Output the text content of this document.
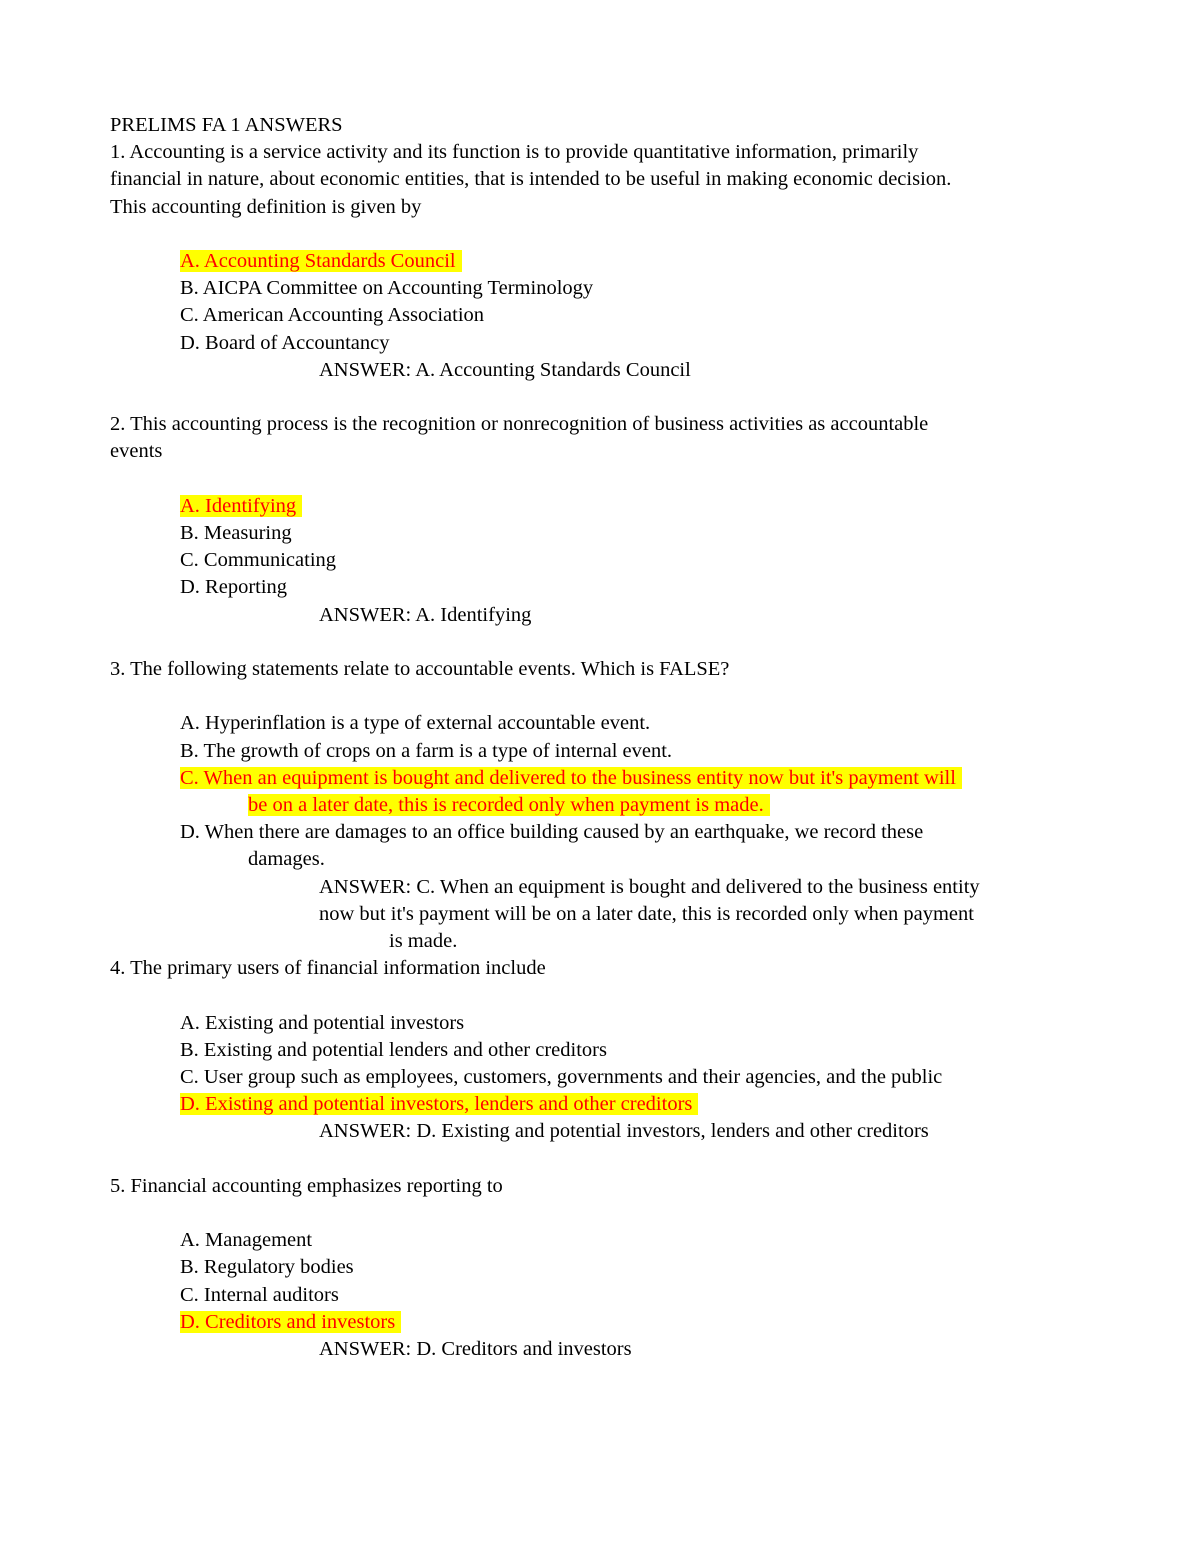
PRELIMS FA 1 ANSWERS
1. Accounting is a service activity and its function is to provide quantitative information, primarily
financial in nature, about economic entities, that is intended to be useful in making economic decision.
This accounting definition is given by
A. Accounting Standards Council
B. AICPA Committee on Accounting Terminology
C. American Accounting Association
D. Board of Accountancy
ANSWER: A. Accounting Standards Council
2. This accounting process is the recognition or nonrecognition of business activities as accountable
events
A. Identifying
B. Measuring
C. Communicating
D. Reporting
ANSWER: A. Identifying
3. The following statements relate to accountable events. Which is FALSE?
A. Hyperinflation is a type of external accountable event.
B. The growth of crops on a farm is a type of internal event.
C. When an equipment is bought and delivered to the business entity now but it's payment will
be on a later date, this is recorded only when payment is made.
D. When there are damages to an office building caused by an earthquake, we record these
damages.
ANSWER: C. When an equipment is bought and delivered to the business entity
now but it's payment will be on a later date, this is recorded only when payment
is made.
4. The primary users of financial information include
A. Existing and potential investors
B. Existing and potential lenders and other creditors
C. User group such as employees, customers, governments and their agencies, and the public
D. Existing and potential investors, lenders and other creditors
ANSWER: D. Existing and potential investors, lenders and other creditors
5. Financial accounting emphasizes reporting to
A. Management
B. Regulatory bodies
C. Internal auditors
D. Creditors and investors
ANSWER: D. Creditors and investors
